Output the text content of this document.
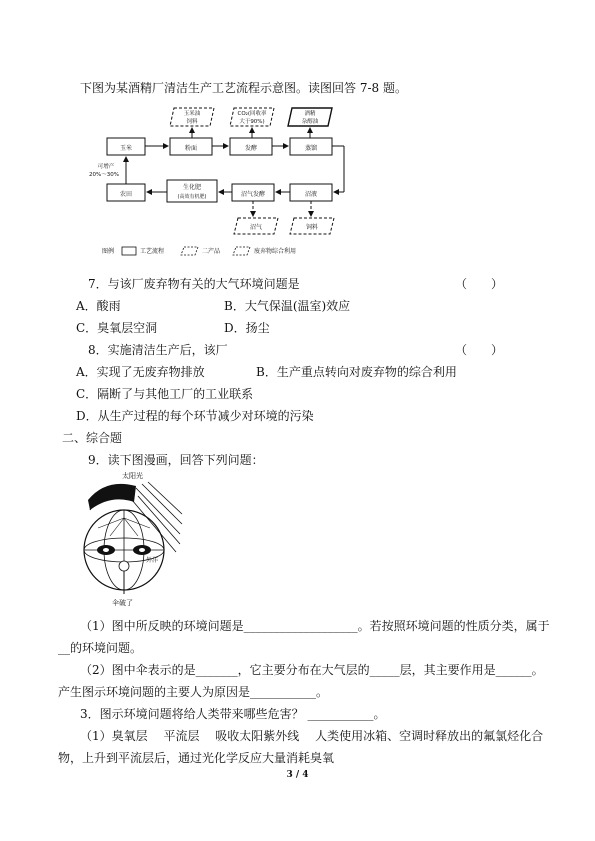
下图为某酒精厂清洁生产工艺流程示意图。读图回答 7-8 题。
玉米	粉面	发酵	蒸馏
农田
生化肥
(高效有机肥)	沼气发酵	沼液
玉米油
饲料
CO₂(回收率
大于90%)
酒精
杂醇油
沼气	饲料
可增产
20%～30%
图例	工艺流程	二产品	废弃物综合利用
7．与该厂废弃物有关的大气环境问题是	（　　）
A．酸雨	B．大气保温(温室)效应
C．臭氧层空洞	D．扬尘
8．实施清洁生产后，该厂	（　　）
A．实现了无废弃物排放	B．生产重点转向对废弃物的综合利用
C．隔断了与其他工厂的工业联系
D．从生产过程的每个环节减少对环境的污染
二、综合题
9．读下图漫画，回答下列问题：
太阳光
外洋
伞破了
（1）图中所反映的环境问题是___________________。若按照环境问题的性质分类，属于
__的环境问题。
（2）图中伞表示的是_______，它主要分布在大气层的_____层，其主要作用是______。
产生图示环境问题的主要人为原因是___________。
3．图示环境问题将给人类带来哪些危害？ ___________。
（1）臭氧层　 平流层　 吸收太阳紫外线　 人类使用冰箱、空调时释放出的氟氯烃化合
物，上升到平流层后，通过光化学反应大量消耗臭氧
3 / 4
